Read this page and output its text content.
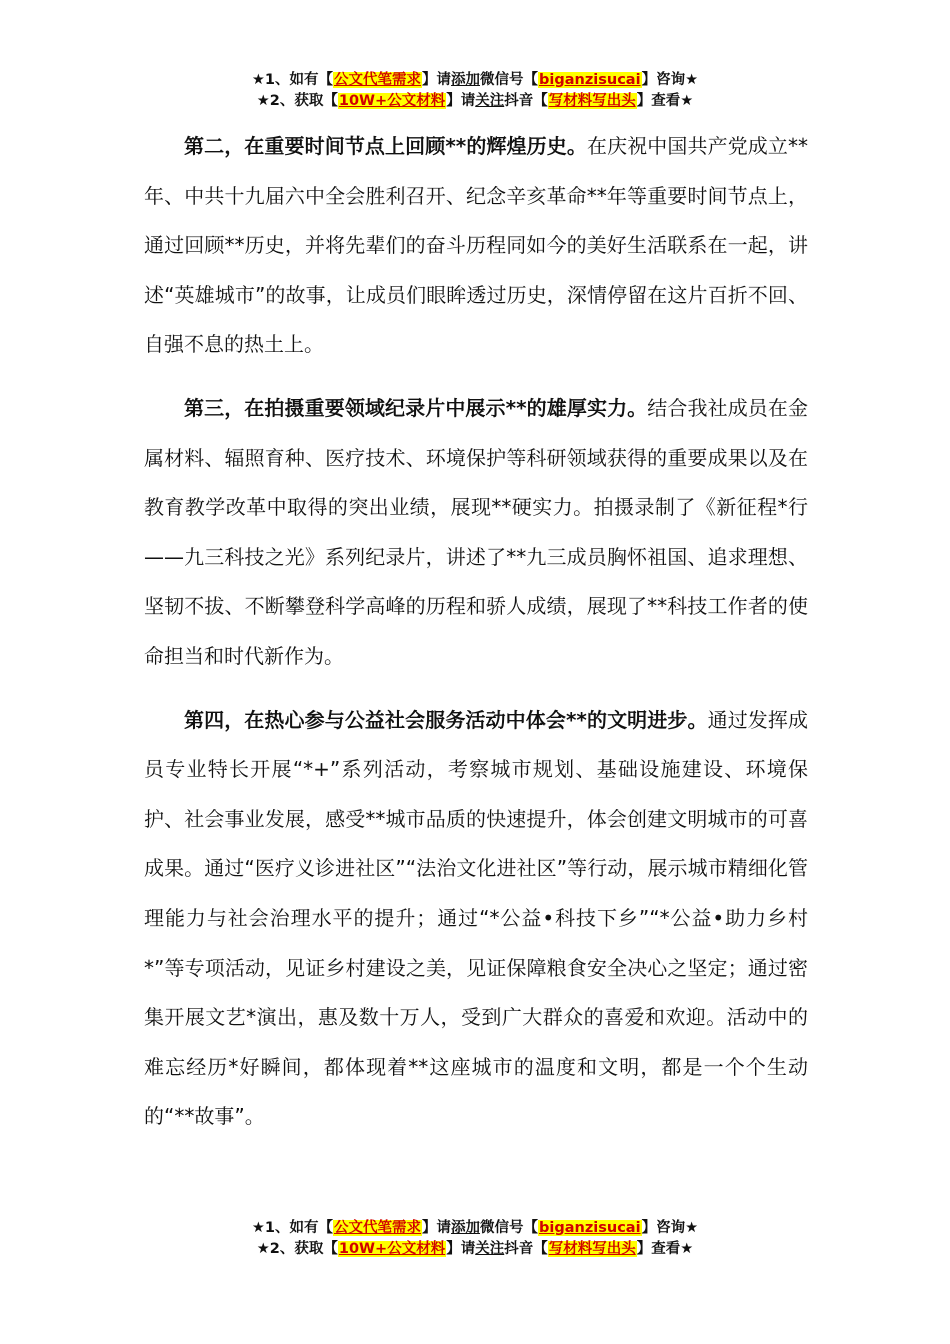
★1、如有【公文代笔需求】请添加微信号【biganzisucai】咨询★
★2、获取【10W+公文材料】请关注抖音【写材料写出头】查看★

第二，在重要时间节点上回顾**的辉煌历史。在庆祝中国共产党成立**年、中共十九届六中全会胜利召开、纪念辛亥革命**年等重要时间节点上，通过回顾**历史，并将先辈们的奋斗历程同如今的美好生活联系在一起，讲述“英雄城市”的故事，让成员们眼眸透过历史，深情停留在这片百折不回、自强不息的热土上。

第三，在拍摄重要领域纪录片中展示**的雄厚实力。结合我社成员在金属材料、辐照育种、医疗技术、环境保护等科研领域获得的重要成果以及在教育教学改革中取得的突出业绩，展现**硬实力。拍摄录制了《新征程*行——九三科技之光》系列纪录片，讲述了**九三成员胸怀祖国、追求理想、坚韧不拔、不断攀登科学高峰的历程和骄人成绩，展现了**科技工作者的使命担当和时代新作为。

第四，在热心参与公益社会服务活动中体会**的文明进步。通过发挥成员专业特长开展“*+”系列活动，考察城市规划、基础设施建设、环境保护、社会事业发展，感受**城市品质的快速提升，体会创建文明城市的可喜成果。通过“医疗义诊进社区”“法治文化进社区”等行动，展示城市精细化管理能力与社会治理水平的提升；通过“*公益•科技下乡”“*公益•助力乡村*”等专项活动，见证乡村建设之美，见证保障粮食安全决心之坚定；通过密集开展文艺*演出，惠及数十万人，受到广大群众的喜爱和欢迎。活动中的难忘经历*好瞬间，都体现着**这座城市的温度和文明，都是一个个生动的“**故事”。

★1、如有【公文代笔需求】请添加微信号【biganzisucai】咨询★
★2、获取【10W+公文材料】请关注抖音【写材料写出头】查看★
